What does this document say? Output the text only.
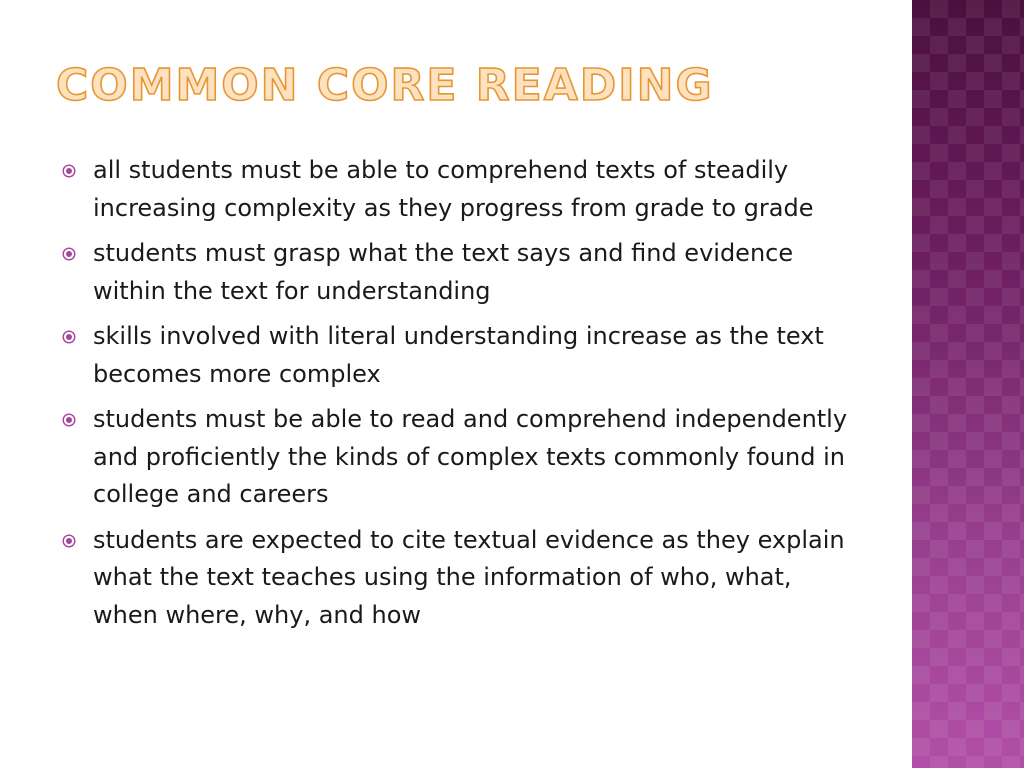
COMMON CORE READING
all students must be able to comprehend texts of steadily increasing complexity as they progress from grade to grade
students must grasp what the text says and find evidence within the text for understanding
skills involved with literal understanding increase as the text becomes more complex
students must be able to read and comprehend independently and proficiently the kinds of complex texts commonly found in college and careers
students are expected to cite textual evidence as they explain what the text teaches using the information of who, what, when where, why, and how
